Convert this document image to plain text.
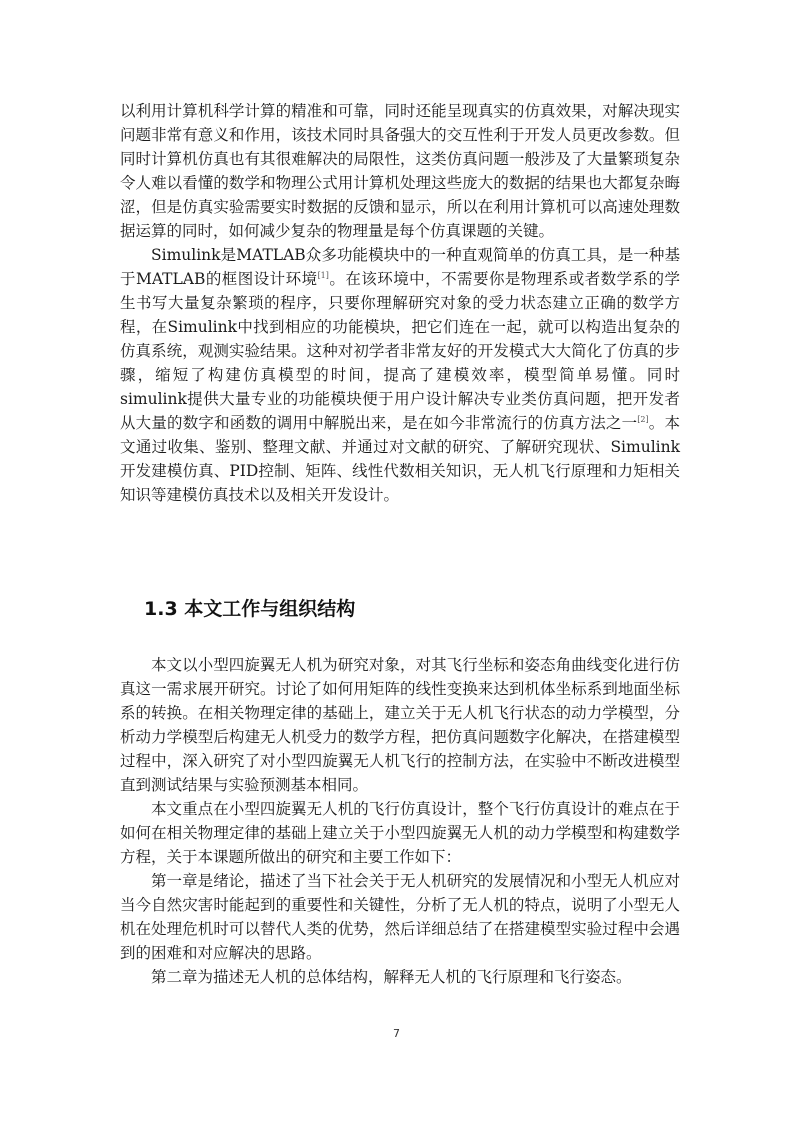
以利用计算机科学计算的精准和可靠，同时还能呈现真实的仿真效果，对解决现实问题非常有意义和作用，该技术同时具备强大的交互性利于开发人员更改参数。但同时计算机仿真也有其很难解决的局限性，这类仿真问题一般涉及了大量繁琐复杂令人难以看懂的数学和物理公式用计算机处理这些庞大的数据的结果也大都复杂晦涩，但是仿真实验需要实时数据的反馈和显示，所以在利用计算机可以高速处理数据运算的同时，如何减少复杂的物理量是每个仿真课题的关键。

Simulink是MATLAB众多功能模块中的一种直观简单的仿真工具，是一种基于MATLAB的框图设计环境[1]。在该环境中，不需要你是物理系或者数学系的学生书写大量复杂繁琐的程序，只要你理解研究对象的受力状态建立正确的数学方程，在Simulink中找到相应的功能模块，把它们连在一起，就可以构造出复杂的仿真系统，观测实验结果。这种对初学者非常友好的开发模式大大简化了仿真的步骤，缩短了构建仿真模型的时间，提高了建模效率，模型简单易懂。同时simulink提供大量专业的功能模块便于用户设计解决专业类仿真问题，把开发者从大量的数字和函数的调用中解脱出来，是在如今非常流行的仿真方法之一[2]。本文通过收集、鉴别、整理文献、并通过对文献的研究、了解研究现状、Simulink开发建模仿真、PID控制、矩阵、线性代数相关知识，无人机飞行原理和力矩相关知识等建模仿真技术以及相关开发设计。

1.3 本文工作与组织结构

本文以小型四旋翼无人机为研究对象，对其飞行坐标和姿态角曲线变化进行仿真这一需求展开研究。讨论了如何用矩阵的线性变换来达到机体坐标系到地面坐标系的转换。在相关物理定律的基础上，建立关于无人机飞行状态的动力学模型，分析动力学模型后构建无人机受力的数学方程，把仿真问题数字化解决，在搭建模型过程中，深入研究了对小型四旋翼无人机飞行的控制方法，在实验中不断改进模型直到测试结果与实验预测基本相同。

本文重点在小型四旋翼无人机的飞行仿真设计，整个飞行仿真设计的难点在于如何在相关物理定律的基础上建立关于小型四旋翼无人机的动力学模型和构建数学方程，关于本课题所做出的研究和主要工作如下：

第一章是绪论，描述了当下社会关于无人机研究的发展情况和小型无人机应对当今自然灾害时能起到的重要性和关键性，分析了无人机的特点，说明了小型无人机在处理危机时可以替代人类的优势，然后详细总结了在搭建模型实验过程中会遇到的困难和对应解决的思路。

第二章为描述无人机的总体结构，解释无人机的飞行原理和飞行姿态。

7
